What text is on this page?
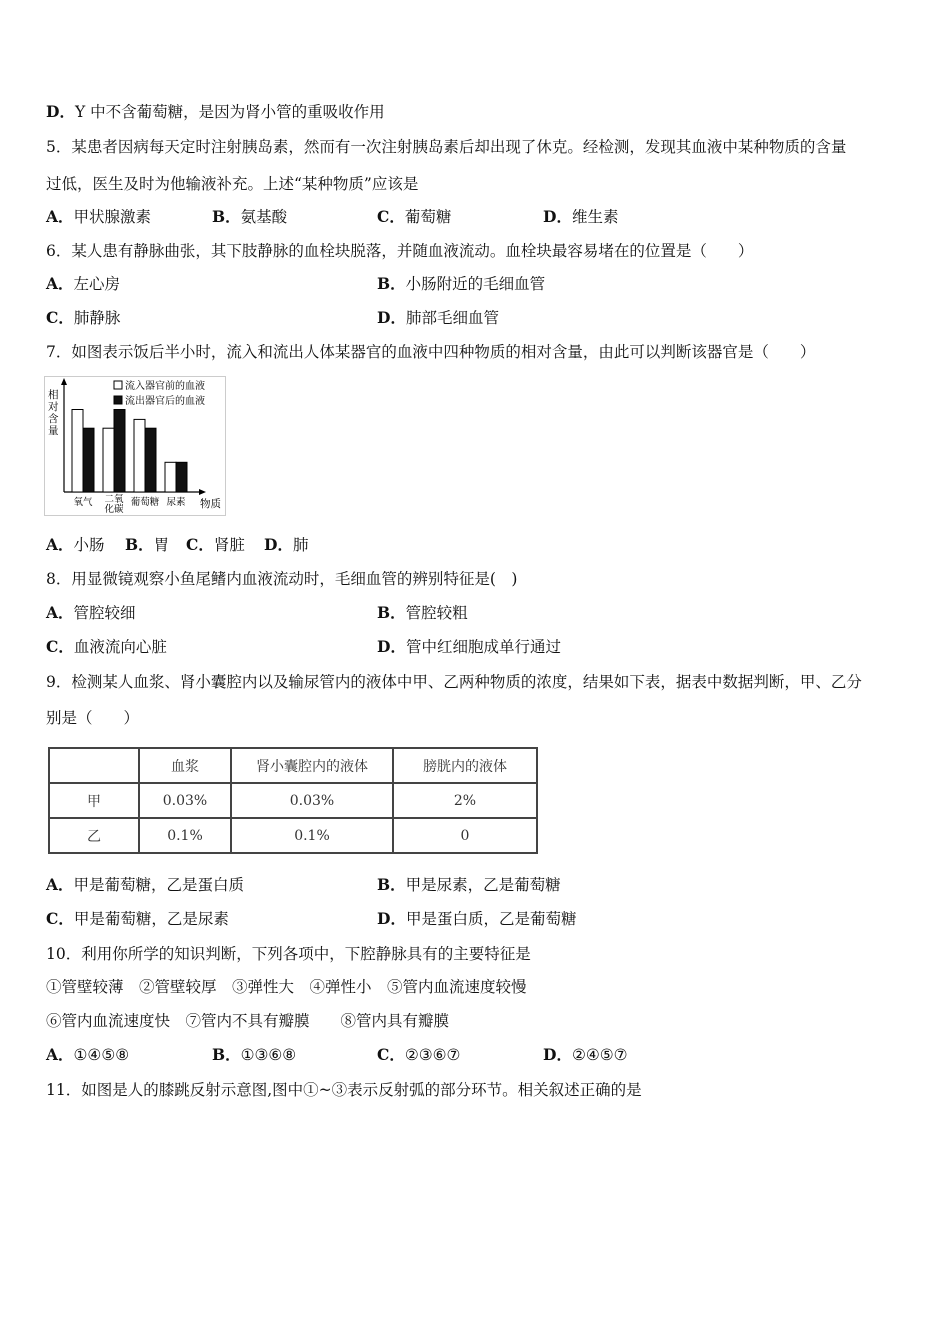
D．Y 中不含葡萄糖，是因为肾小管的重吸收作用
5．某患者因病每天定时注射胰岛素，然而有一次注射胰岛素后却出现了休克。经检测，发现其血液中某种物质的含量
过低，医生及时为他输液补充。上述“某种物质”应该是
A．甲状腺激素	B．氨基酸	C．葡萄糖	D．维生素
6．某人患有静脉曲张，其下肢静脉的血栓块脱落，并随血液流动。血栓块最容易堵在的位置是（　　）
A．左心房	B．小肠附近的毛细血管
C．肺静脉	D．肺部毛细血管
7．如图表示饭后半小时，流入和流出人体某器官的血液中四种物质的相对含量，由此可以判断该器官是（　　）
相对含量
物质
流入器官前的血液
流出器官后的血液
氧气 二氧化碳
葡萄糖 尿素
A．小肠 B．胃 C．肾脏 D．肺
8．用显微镜观察小鱼尾鳍内血液流动时，毛细血管的辨别特征是(　)
A．管腔较细	B．管腔较粗
C．血液流向心脏	D．管中红细胞成单行通过
9．检测某人血浆、肾小囊腔内以及输尿管内的液体中甲、乙两种物质的浓度，结果如下表，据表中数据判断，甲、乙分
别是（　　）
	血浆	肾小囊腔内的液体	膀胱内的液体
甲	0.03%	0.03%	2%
乙	0.1%	0.1%	0
A．甲是葡萄糖，乙是蛋白质	B．甲是尿素，乙是葡萄糖
C．甲是葡萄糖，乙是尿素	D．甲是蛋白质，乙是葡萄糖
10．利用你所学的知识判断，下列各项中，下腔静脉具有的主要特征是
①管壁较薄　②管壁较厚　③弹性大　④弹性小　⑤管内血流速度较慢
⑥管内血流速度快　⑦管内不具有瓣膜　　⑧管内具有瓣膜
A．①④⑤⑧	B．①③⑥⑧	C．②③⑥⑦	D．②④⑤⑦
11．如图是人的膝跳反射示意图,图中①~③表示反射弧的部分环节。相关叙述正确的是
